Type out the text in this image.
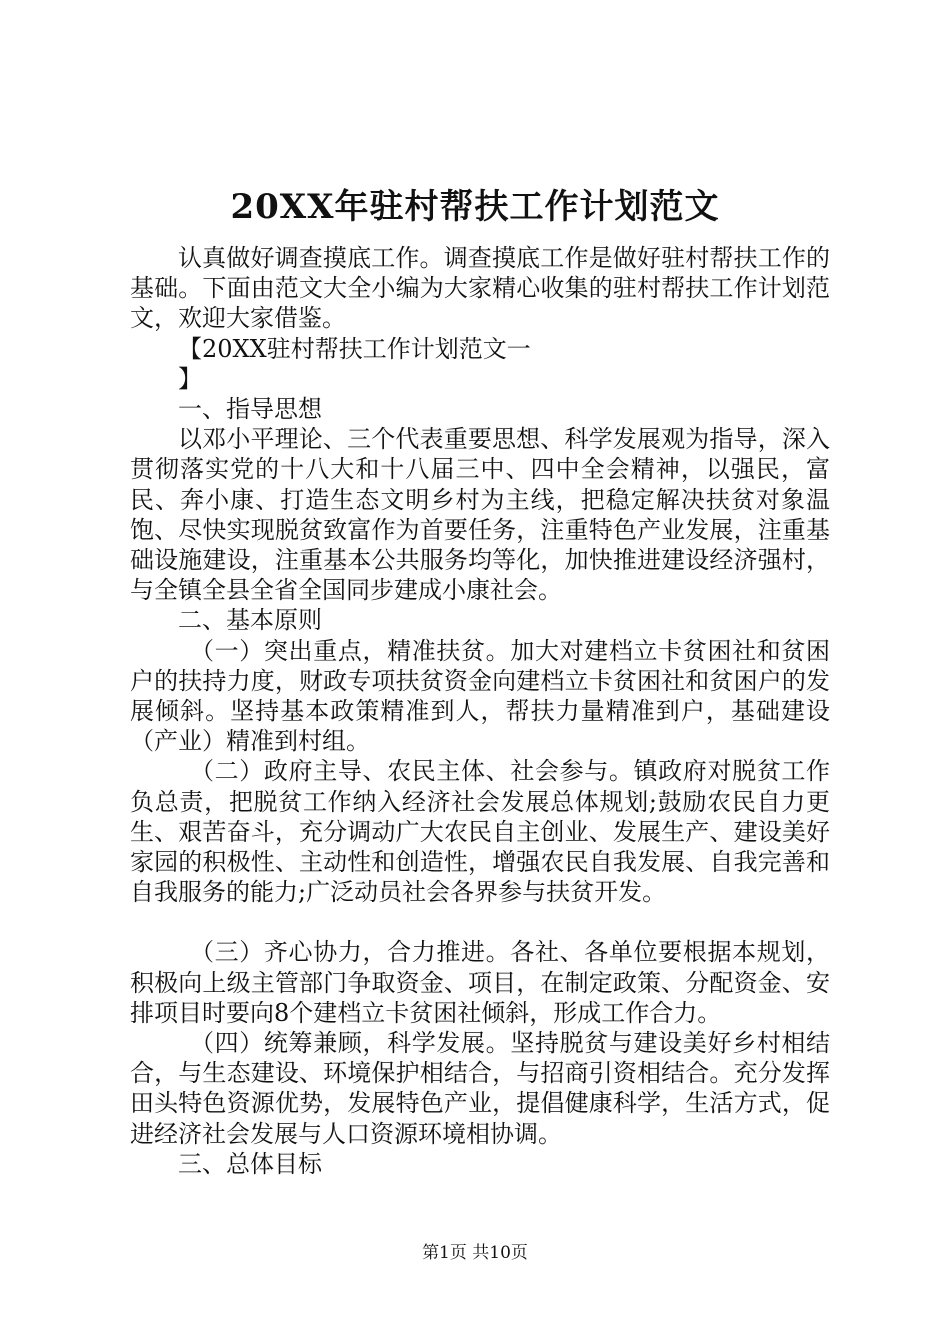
20XX年驻村帮扶工作计划范文

认真做好调查摸底工作。调查摸底工作是做好驻村帮扶工作的基础。下面由范文大全小编为大家精心收集的驻村帮扶工作计划范文，欢迎大家借鉴。

【20XX驻村帮扶工作计划范文一

】

一、指导思想

以邓小平理论、三个代表重要思想、科学发展观为指导，深入贯彻落实党的十八大和十八届三中、四中全会精神，以强民，富民、奔小康、打造生态文明乡村为主线，把稳定解决扶贫对象温饱、尽快实现脱贫致富作为首要任务，注重特色产业发展，注重基础设施建设，注重基本公共服务均等化，加快推进建设经济强村，与全镇全县全省全国同步建成小康社会。

二、基本原则

（一）突出重点，精准扶贫。加大对建档立卡贫困社和贫困户的扶持力度，财政专项扶贫资金向建档立卡贫困社和贫困户的发展倾斜。坚持基本政策精准到人，帮扶力量精准到户，基础建设（产业）精准到村组。

（二）政府主导、农民主体、社会参与。镇政府对脱贫工作负总责，把脱贫工作纳入经济社会发展总体规划;鼓励农民自力更生、艰苦奋斗，充分调动广大农民自主创业、发展生产、建设美好家园的积极性、主动性和创造性，增强农民自我发展、自我完善和自我服务的能力;广泛动员社会各界参与扶贫开发。

（三）齐心协力，合力推进。各社、各单位要根据本规划，积极向上级主管部门争取资金、项目，在制定政策、分配资金、安排项目时要向8个建档立卡贫困社倾斜，形成工作合力。

（四）统筹兼顾，科学发展。坚持脱贫与建设美好乡村相结合，与生态建设、环境保护相结合，与招商引资相结合。充分发挥田头特色资源优势，发展特色产业，提倡健康科学，生活方式，促进经济社会发展与人口资源环境相协调。

三、总体目标

第1页 共10页
